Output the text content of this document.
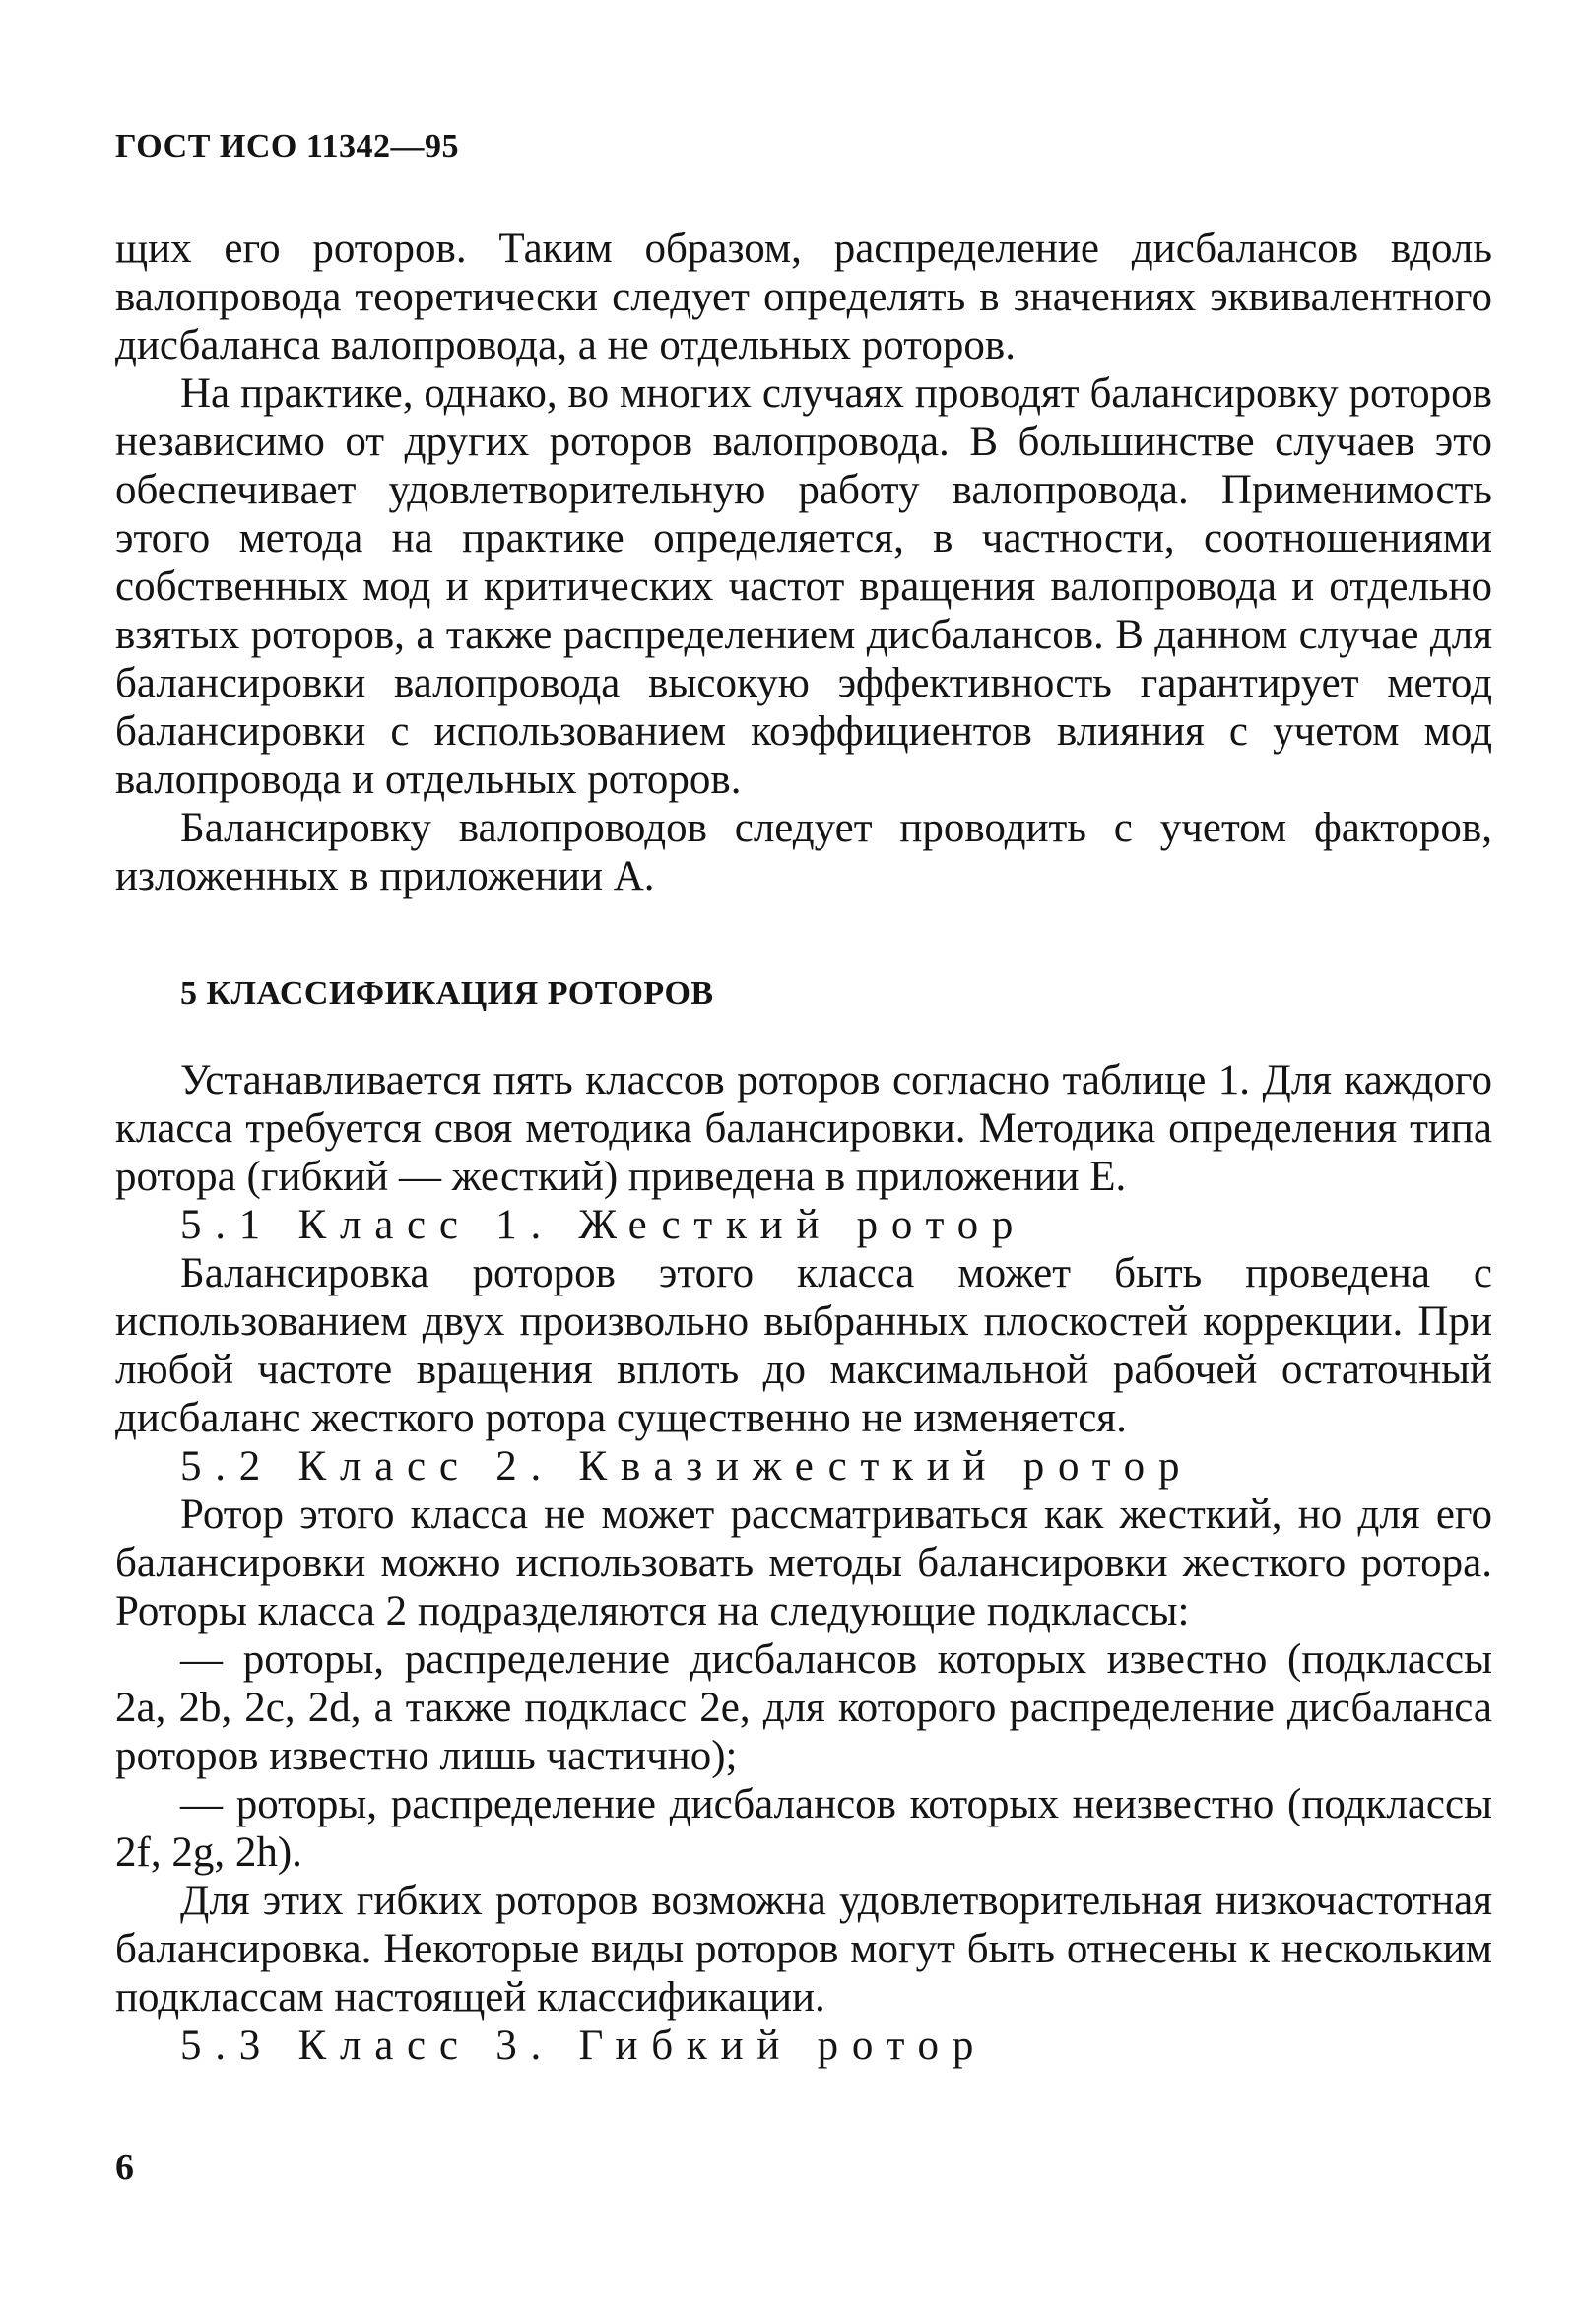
ГОСТ ИСО 11342—95

щих его роторов. Таким образом, распределение дисбалансов вдоль валопровода теоретически следует определять в значениях эквивалентного дисбаланса валопровода, а не отдельных роторов.

На практике, однако, во многих случаях проводят балансировку роторов независимо от других роторов валопровода. В большинстве случаев это обеспечивает удовлетворительную работу валопровода. Применимость этого метода на практике определяется, в частности, соотношениями собственных мод и критических частот вращения валопровода и отдельно взятых роторов, а также распределением дисбалансов. В данном случае для балансировки валопровода высокую эффективность гарантирует метод балансировки с использованием коэффициентов влияния с учетом мод валопровода и отдельных роторов.

Балансировку валопроводов следует проводить с учетом факторов, изложенных в приложении А.

5 КЛАССИФИКАЦИЯ РОТОРОВ

Устанавливается пять классов роторов согласно таблице 1. Для каждого класса требуется своя методика балансировки. Методика определения типа ротора (гибкий — жесткий) приведена в приложении Е.

5.1 Класс 1. Жесткий ротор

Балансировка роторов этого класса может быть проведена с использованием двух произвольно выбранных плоскостей коррекции. При любой частоте вращения вплоть до максимальной рабочей остаточный дисбаланс жесткого ротора существенно не изменяется.

5.2 Класс 2. Квазижесткий ротор

Ротор этого класса не может рассматриваться как жесткий, но для его балансировки можно использовать методы балансировки жесткого ротора. Роторы класса 2 подразделяются на следующие подклассы:

— роторы, распределение дисбалансов которых известно (подклассы 2a, 2b, 2c, 2d, а также подкласс 2e, для которого распределение дисбаланса роторов известно лишь частично);

— роторы, распределение дисбалансов которых неизвестно (подклассы 2f, 2g, 2h).

Для этих гибких роторов возможна удовлетворительная низкочастотная балансировка. Некоторые виды роторов могут быть отнесены к нескольким подклассам настоящей классификации.

5.3 Класс 3. Гибкий ротор

6
